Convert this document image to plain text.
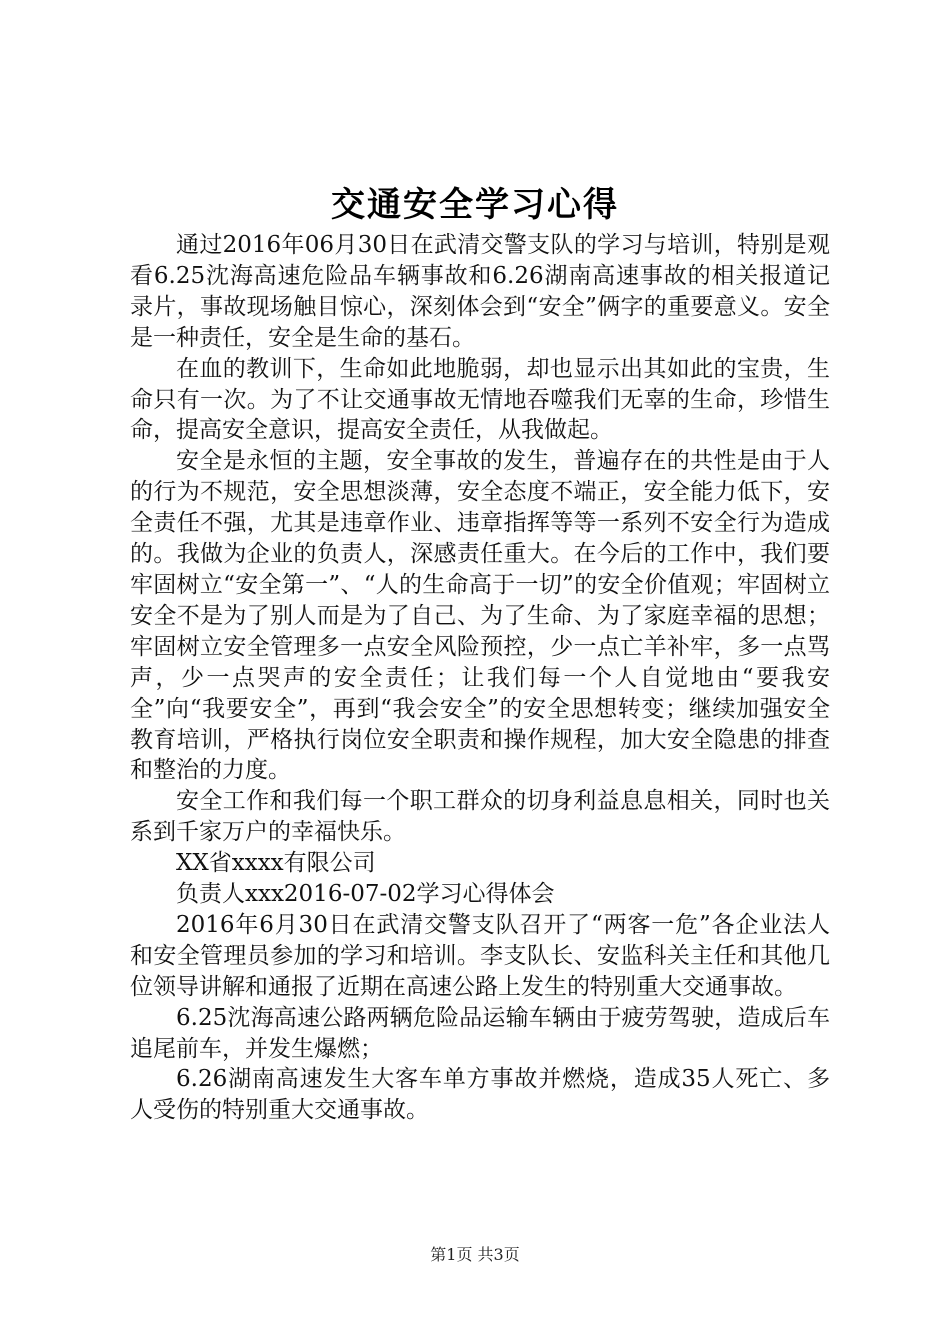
交通安全学习心得

通过2016年06月30日在武清交警支队的学习与培训，特别是观看6.25沈海高速危险品车辆事故和6.26湖南高速事故的相关报道记录片，事故现场触目惊心，深刻体会到“安全”俩字的重要意义。安全是一种责任，安全是生命的基石。

在血的教训下，生命如此地脆弱，却也显示出其如此的宝贵，生命只有一次。为了不让交通事故无情地吞噬我们无辜的生命，珍惜生命，提高安全意识，提高安全责任，从我做起。

安全是永恒的主题，安全事故的发生，普遍存在的共性是由于人的行为不规范，安全思想淡薄，安全态度不端正，安全能力低下，安全责任不强，尤其是违章作业、违章指挥等等一系列不安全行为造成的。我做为企业的负责人，深感责任重大。在今后的工作中，我们要牢固树立“安全第一”、“人的生命高于一切”的安全价值观；牢固树立安全不是为了别人而是为了自己、为了生命、为了家庭幸福的思想；牢固树立安全管理多一点安全风险预控，少一点亡羊补牢，多一点骂声，少一点哭声的安全责任；让我们每一个人自觉地由“要我安全”向“我要安全”，再到“我会安全”的安全思想转变；继续加强安全教育培训，严格执行岗位安全职责和操作规程，加大安全隐患的排查和整治的力度。

安全工作和我们每一个职工群众的切身利益息息相关，同时也关系到千家万户的幸福快乐。

XX省xxxx有限公司

负责人xxx2016-07-02学习心得体会

2016年6月30日在武清交警支队召开了“两客一危”各企业法人和安全管理员参加的学习和培训。李支队长、安监科关主任和其他几位领导讲解和通报了近期在高速公路上发生的特别重大交通事故。

6.25沈海高速公路两辆危险品运输车辆由于疲劳驾驶，造成后车追尾前车，并发生爆燃；

6.26湖南高速发生大客车单方事故并燃烧，造成35人死亡、多人受伤的特别重大交通事故。

第1页 共3页
